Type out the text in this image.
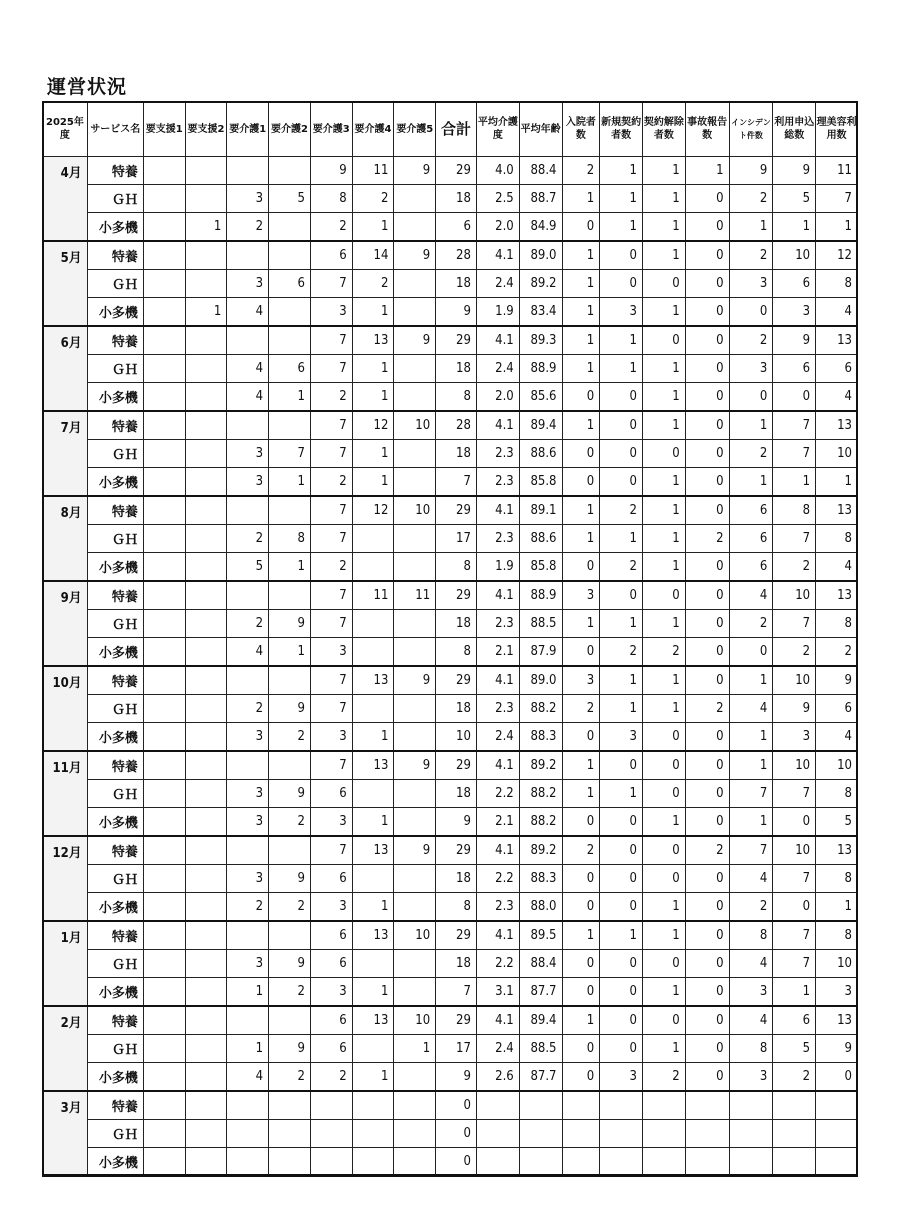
運営状況
2025年度	サービス名	要支援1	要支援2	要介護1	要介護2	要介護3	要介護4	要介護5	合計	平均介護度	平均年齢	入院者数	新規契約者数	契約解除者数	事故報告数	インシデント件数	利用申込総数	理美容利用数
4月	特養					9	11	9	29	4.0	88.4	2	1	1	1	9	9	11
	ＧＨ			3	5	8	2		18	2.5	88.7	1	1	1	0	2	5	7
	小多機		1	2		2	1		6	2.0	84.9	0	1	1	0	1	1	1
5月	特養					6	14	9	28	4.1	89.0	1	0	1	0	2	10	12
	ＧＨ			3	6	7	2		18	2.4	89.2	1	0	0	0	3	6	8
	小多機		1	4		3	1		9	1.9	83.4	1	3	1	0	0	3	4
6月	特養					7	13	9	29	4.1	89.3	1	1	0	0	2	9	13
	ＧＨ			4	6	7	1		18	2.4	88.9	1	1	1	0	3	6	6
	小多機			4	1	2	1		8	2.0	85.6	0	0	1	0	0	0	4
7月	特養					7	12	10	28	4.1	89.4	1	0	1	0	1	7	13
	ＧＨ			3	7	7	1		18	2.3	88.6	0	0	0	0	2	7	10
	小多機			3	1	2	1		7	2.3	85.8	0	0	1	0	1	1	1
8月	特養					7	12	10	29	4.1	89.1	1	2	1	0	6	8	13
	ＧＨ			2	8	7			17	2.3	88.6	1	1	1	2	6	7	8
	小多機			5	1	2			8	1.9	85.8	0	2	1	0	6	2	4
9月	特養					7	11	11	29	4.1	88.9	3	0	0	0	4	10	13
	ＧＨ			2	9	7			18	2.3	88.5	1	1	1	0	2	7	8
	小多機			4	1	3			8	2.1	87.9	0	2	2	0	0	2	2
10月	特養					7	13	9	29	4.1	89.0	3	1	1	0	1	10	9
	ＧＨ			2	9	7			18	2.3	88.2	2	1	1	2	4	9	6
	小多機			3	2	3	1		10	2.4	88.3	0	3	0	0	1	3	4
11月	特養					7	13	9	29	4.1	89.2	1	0	0	0	1	10	10
	ＧＨ			3	9	6			18	2.2	88.2	1	1	0	0	7	7	8
	小多機			3	2	3	1		9	2.1	88.2	0	0	1	0	1	0	5
12月	特養					7	13	9	29	4.1	89.2	2	0	0	2	7	10	13
	ＧＨ			3	9	6			18	2.2	88.3	0	0	0	0	4	7	8
	小多機			2	2	3	1		8	2.3	88.0	0	0	1	0	2	0	1
1月	特養					6	13	10	29	4.1	89.5	1	1	1	0	8	7	8
	ＧＨ			3	9	6			18	2.2	88.4	0	0	0	0	4	7	10
	小多機			1	2	3	1		7	3.1	87.7	0	0	1	0	3	1	3
2月	特養					6	13	10	29	4.1	89.4	1	0	0	0	4	6	13
	ＧＨ			1	9	6		1	17	2.4	88.5	0	0	1	0	8	5	9
	小多機			4	2	2	1		9	2.6	87.7	0	3	2	0	3	2	0
3月	特養								0									
	ＧＨ								0									
	小多機								0									
